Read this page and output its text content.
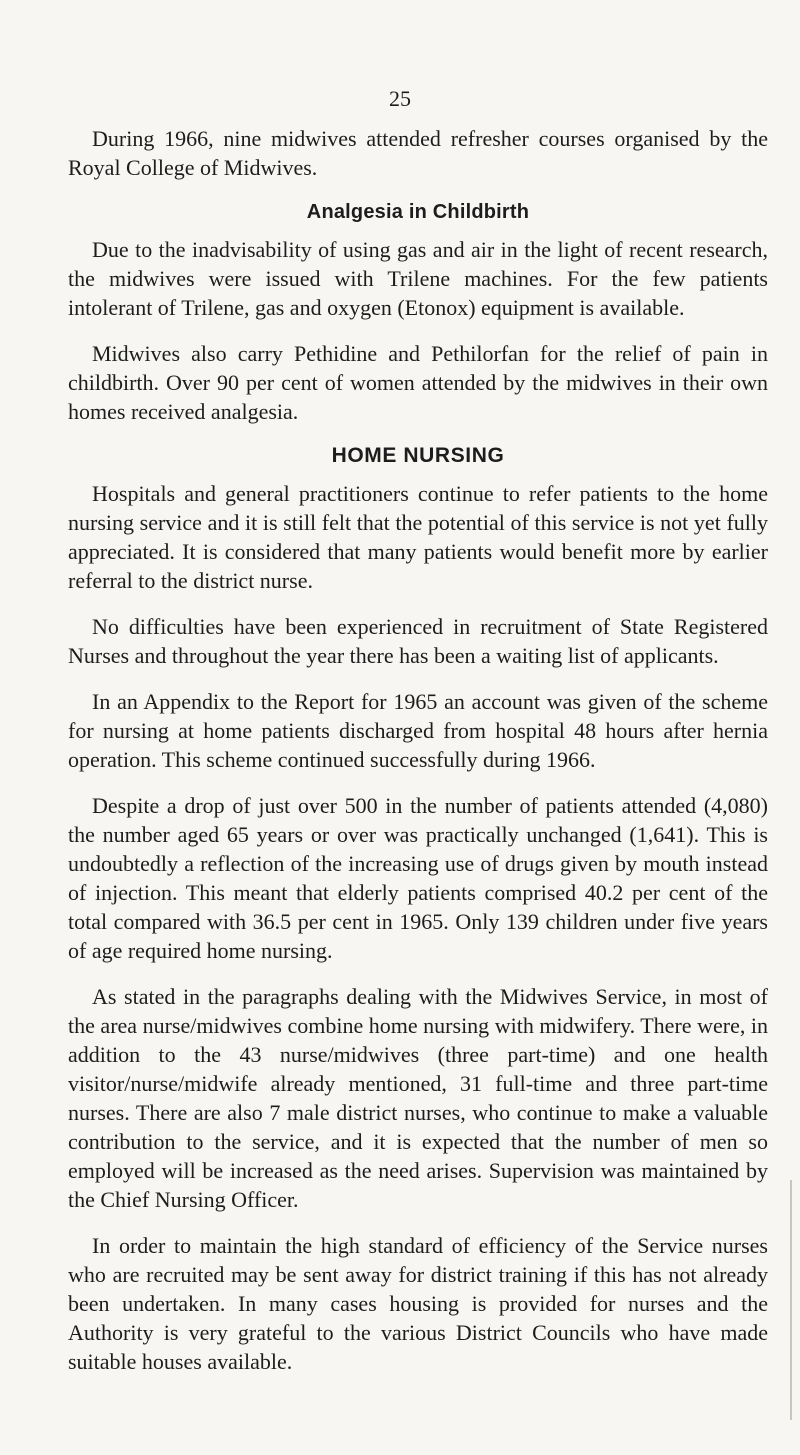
25

During 1966, nine midwives attended refresher courses organised by the Royal College of Midwives.

Analgesia in Childbirth

Due to the inadvisability of using gas and air in the light of recent research, the midwives were issued with Trilene machines. For the few patients intolerant of Trilene, gas and oxygen (Etonox) equipment is available.

Midwives also carry Pethidine and Pethilorfan for the relief of pain in childbirth. Over 90 per cent of women attended by the midwives in their own homes received analgesia.

HOME NURSING

Hospitals and general practitioners continue to refer patients to the home nursing service and it is still felt that the potential of this service is not yet fully appreciated. It is considered that many patients would benefit more by earlier referral to the district nurse.

No difficulties have been experienced in recruitment of State Registered Nurses and throughout the year there has been a waiting list of applicants.

In an Appendix to the Report for 1965 an account was given of the scheme for nursing at home patients discharged from hospital 48 hours after hernia operation. This scheme continued successfully during 1966.

Despite a drop of just over 500 in the number of patients attended (4,080) the number aged 65 years or over was practically unchanged (1,641). This is undoubtedly a reflection of the increasing use of drugs given by mouth instead of injection. This meant that elderly patients comprised 40.2 per cent of the total compared with 36.5 per cent in 1965. Only 139 children under five years of age required home nursing.

As stated in the paragraphs dealing with the Midwives Service, in most of the area nurse/midwives combine home nursing with midwifery. There were, in addition to the 43 nurse/midwives (three part-time) and one health visitor/nurse/midwife already mentioned, 31 full-time and three part-time nurses. There are also 7 male district nurses, who continue to make a valuable contribution to the service, and it is expected that the number of men so employed will be increased as the need arises. Supervision was maintained by the Chief Nursing Officer.

In order to maintain the high standard of efficiency of the Service nurses who are recruited may be sent away for district training if this has not already been undertaken. In many cases housing is provided for nurses and the Authority is very grateful to the various District Councils who have made suitable houses available.
